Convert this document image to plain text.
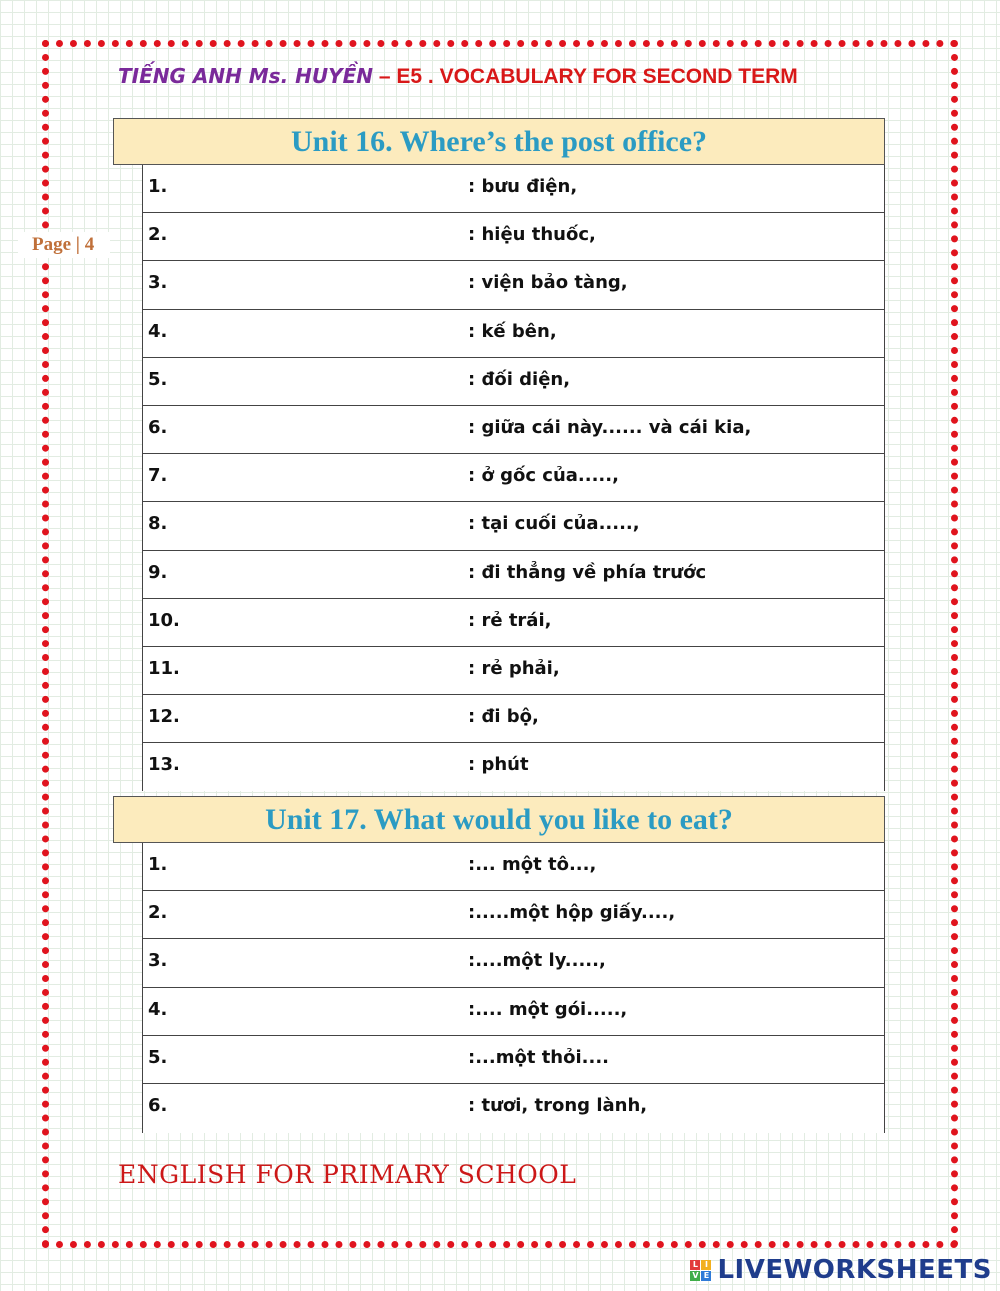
TIẾNG ANH Ms. HUYỀN – E5 . VOCABULARY FOR SECOND TERM
Page | 4
Unit 16. Where’s the post office?
1.	: bưu điện,
2.	: hiệu thuốc,
3.	: viện bảo tàng,
4.	: kế bên,
5.	: đối diện,
6.	: giữa cái này...... và cái kia,
7.	: ở gốc của.....,
8.	: tại cuối của.....,
9.	: đi thẳng về phía trước
10.	: rẻ trái,
11.	: rẻ phải,
12.	: đi bộ,
13.	: phút
Unit 17. What would you like to eat?
1.	:... một tô...,
2.	:.....một hộp giấy....,
3.	:....một ly.....,
4.	:.... một gói.....,
5.	:...một thỏi....
6.	: tươi, trong lành,
ENGLISH FOR PRIMARY SCHOOL
L I
V E LIVEWORKSHEETS
